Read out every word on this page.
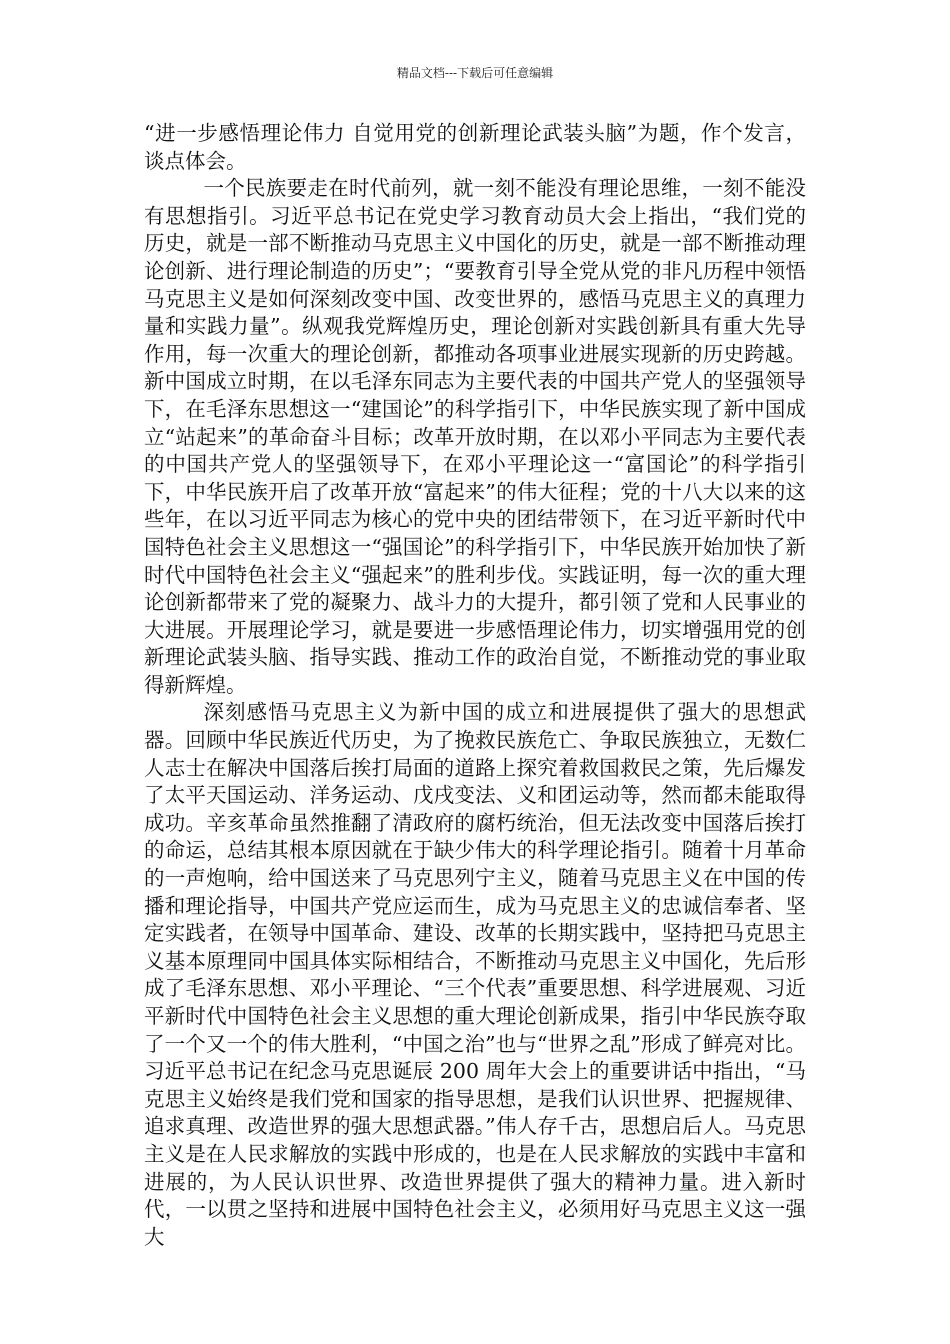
精品文档---下载后可任意编辑

“进一步感悟理论伟力 自觉用党的创新理论武装头脑”为题，作个发言，谈点体会。

一个民族要走在时代前列，就一刻不能没有理论思维，一刻不能没有思想指引。习近平总书记在党史学习教育动员大会上指出，“我们党的历史，就是一部不断推动马克思主义中国化的历史，就是一部不断推动理论创新、进行理论制造的历史”；“要教育引导全党从党的非凡历程中领悟马克思主义是如何深刻改变中国、改变世界的，感悟马克思主义的真理力量和实践力量”。纵观我党辉煌历史，理论创新对实践创新具有重大先导作用，每一次重大的理论创新，都推动各项事业进展实现新的历史跨越。新中国成立时期，在以毛泽东同志为主要代表的中国共产党人的坚强领导下，在毛泽东思想这一“建国论”的科学指引下，中华民族实现了新中国成立“站起来”的革命奋斗目标；改革开放时期，在以邓小平同志为主要代表的中国共产党人的坚强领导下，在邓小平理论这一“富国论”的科学指引下，中华民族开启了改革开放“富起来”的伟大征程；党的十八大以来的这些年，在以习近平同志为核心的党中央的团结带领下，在习近平新时代中国特色社会主义思想这一“强国论”的科学指引下，中华民族开始加快了新时代中国特色社会主义“强起来”的胜利步伐。实践证明，每一次的重大理论创新都带来了党的凝聚力、战斗力的大提升，都引领了党和人民事业的大进展。开展理论学习，就是要进一步感悟理论伟力，切实增强用党的创新理论武装头脑、指导实践、推动工作的政治自觉，不断推动党的事业取得新辉煌。

深刻感悟马克思主义为新中国的成立和进展提供了强大的思想武器。回顾中华民族近代历史，为了挽救民族危亡、争取民族独立，无数仁人志士在解决中国落后挨打局面的道路上探究着救国救民之策，先后爆发了太平天国运动、洋务运动、戊戌变法、义和团运动等，然而都未能取得成功。辛亥革命虽然推翻了清政府的腐朽统治，但无法改变中国落后挨打的命运，总结其根本原因就在于缺少伟大的科学理论指引。随着十月革命的一声炮响，给中国送来了马克思列宁主义，随着马克思主义在中国的传播和理论指导，中国共产党应运而生，成为马克思主义的忠诚信奉者、坚定实践者，在领导中国革命、建设、改革的长期实践中，坚持把马克思主义基本原理同中国具体实际相结合，不断推动马克思主义中国化，先后形成了毛泽东思想、邓小平理论、“三个代表”重要思想、科学进展观、习近平新时代中国特色社会主义思想的重大理论创新成果，指引中华民族夺取了一个又一个的伟大胜利，“中国之治”也与“世界之乱”形成了鲜亮对比。习近平总书记在纪念马克思诞辰 200 周年大会上的重要讲话中指出，“马克思主义始终是我们党和国家的指导思想，是我们认识世界、把握规律、追求真理、改造世界的强大思想武器。”伟人存千古，思想启后人。马克思主义是在人民求解放的实践中形成的，也是在人民求解放的实践中丰富和进展的，为人民认识世界、改造世界提供了强大的精神力量。进入新时代，一以贯之坚持和进展中国特色社会主义，必须用好马克思主义这一强大
